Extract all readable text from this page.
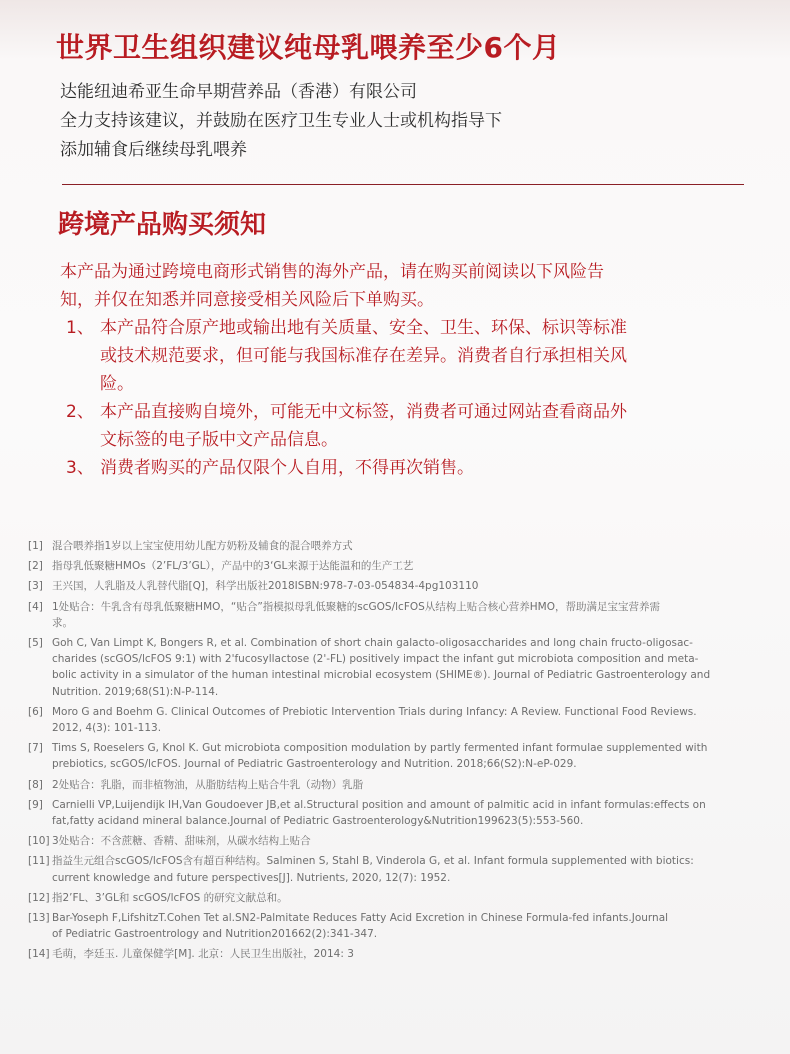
世界卫生组织建议纯母乳喂养至少6个月
达能纽迪希亚生命早期营养品（香港）有限公司
全力支持该建议，并鼓励在医疗卫生专业人士或机构指导下
添加辅食后继续母乳喂养
跨境产品购买须知
本产品为通过跨境电商形式销售的海外产品，请在购买前阅读以下风险告
知，并仅在知悉并同意接受相关风险后下单购买。
1、 本产品符合原产地或输出地有关质量、安全、卫生、环保、标识等标准
或技术规范要求，但可能与我国标准存在差异。消费者自行承担相关风
险。
2、 本产品直接购自境外，可能无中文标签，消费者可通过网站查看商品外
文标签的电子版中文产品信息。
3、 消费者购买的产品仅限个人自用，不得再次销售。
[1] 混合喂养指1岁以上宝宝使用幼儿配方奶粉及辅食的混合喂养方式
[2] 指母乳低聚糖HMOs（2’FL/3’GL），产品中的3‘GL来源于达能温和的生产工艺
[3] 王兴国，人乳脂及人乳替代脂[Q]，科学出版社2018ISBN:978-7-03-054834-4pg103110
[4] 1处贴合：牛乳含有母乳低聚糖HMO，“贴合”指模拟母乳低聚糖的scGOS/lcFOS从结构上贴合核心营养HMO，帮助满足宝宝营养需
求。
[5] Goh C, Van Limpt K, Bongers R, et al. Combination of short chain galacto-oligosaccharides and long chain fructo-oligosac-
charides (scGOS/lcFOS 9:1) with 2'fucosyllactose (2'-FL) positively impact the infant gut microbiota composition and meta-
bolic activity in a simulator of the human intestinal microbial ecosystem (SHIME®). Journal of Pediatric Gastroenterology and
Nutrition. 2019;68(S1):N-P-114.
[6] Moro G and Boehm G. Clinical Outcomes of Prebiotic Intervention Trials during Infancy: A Review. Functional Food Reviews.
2012, 4(3): 101-113.
[7] Tims S, Roeselers G, Knol K. Gut microbiota composition modulation by partly fermented infant formulae supplemented with
prebiotics, scGOS/lcFOS. Journal of Pediatric Gastroenterology and Nutrition. 2018;66(S2):N-eP-029.
[8] 2处贴合：乳脂，而非植物油，从脂肪结构上贴合牛乳（动物）乳脂
[9] Carnielli VP,Luijendijk IH,Van Goudoever JB,et al.Structural position and amount of palmitic acid in infant formulas:effects on
fat,fatty acidand mineral balance.Journal of Pediatric Gastroenterology&Nutrition199623(5):553-560.
[10] 3处贴合：不含蔗糖、香精、甜味剂，从碳水结构上贴合
[11] 指益生元组合scGOS/lcFOS含有超百种结构。Salminen S, Stahl B, Vinderola G, et al. Infant formula supplemented with biotics:
current knowledge and future perspectives[J]. Nutrients, 2020, 12(7): 1952.
[12] 指2’FL、3’GL和 scGOS/lcFOS 的研究文献总和。
[13] Bar-Yoseph F,LifshitzT.Cohen Tet al.SN2-Palmitate Reduces Fatty Acid Excretion in Chinese Formula-fed infants.Journal
of Pediatric Gastroentrology and Nutrition201662(2):341-347.
[14] 毛萌，李廷玉. 儿童保健学[M]. 北京：人民卫生出版社，2014: 3
